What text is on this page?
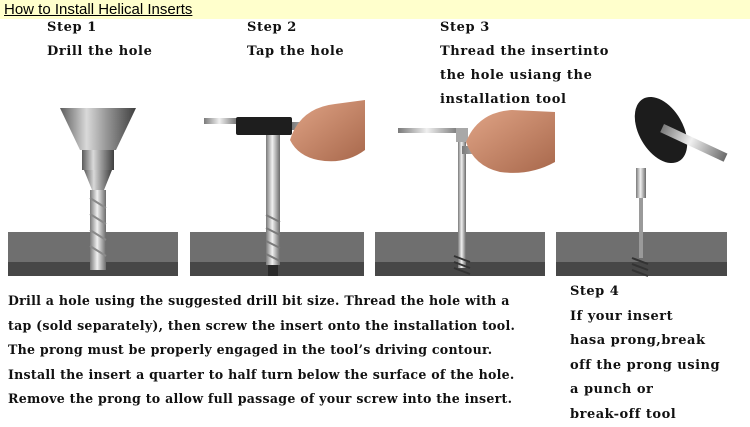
How to Install Helical Inserts
Step 1
Drill the hole
Step 2
Tap the hole
Step 3
Thread the insertinto
the hole usiang the
installation tool
Drill a hole using the suggested drill bit size. Thread the hole with a
tap (sold separately), then screw the insert onto the installation tool.
The prong must be properly engaged in the tool’s driving contour.
Install the insert a quarter to half turn below the surface of the hole.
Remove the prong to allow full passage of your screw into the insert.
Step 4
If your insert
hasa prong,break
off the prong using
a punch or
break-off tool
